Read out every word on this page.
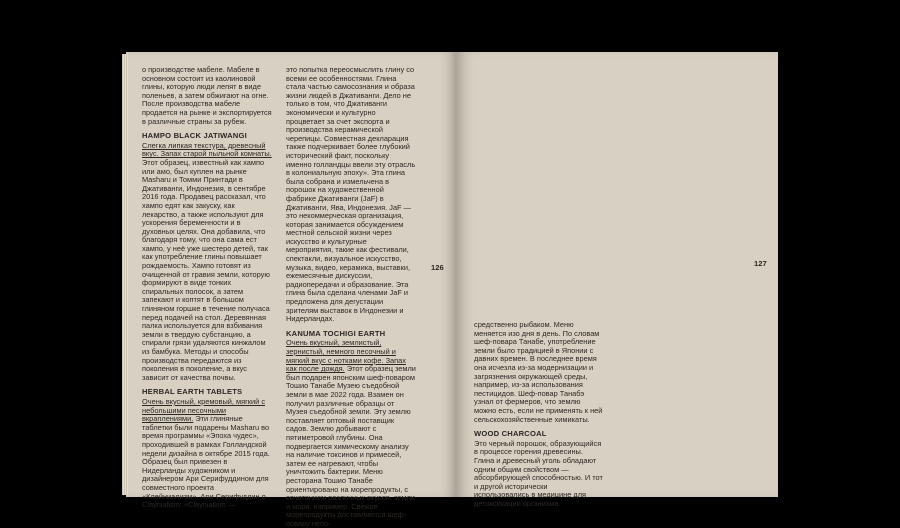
о производстве мабеле. Мабеле в основном состоит из каолиновой глины, которую люди лепят в виде поленьев, а затем обжигают на огне. После производства мабеле продается на рынке и экспортируется в различные страны за рубеж.

HAMPO BLACK JATIWANGI

Слегка липкая текстура, древесный вкус. Запах старой пыльной комнаты. Этот образец, известный как хампо или амо, был куплен на рынке Masharu и Томми Принтади в Джативанги, Индонезия, в сентябре 2016 года. Продавец рассказал, что хампо едят как закуску, как лекарство, а также используют для ускорения беременности и в духовных целях. Она добавила, что благодаря тому, что она сама ест хампо, у неё уже шестеро детей, так как употребление глины повышает рождаемость. Хампо готовят из очищенной от гравия земли, которую формируют в виде тонких спиральных полосок, а затем запекают и коптят в большом глиняном горшке в течение получаса перед подачей на стол. Деревянная палка используется для взбивания земли в твердую субстанцию, а спирали грязи удаляются кинжалом из бамбука. Методы и способы производства передаются из поколения в поколение, а вкус зависит от качества почвы.

HERBAL EARTH TABLETS

Очень вкусный, кремовый, мягкий с небольшими песочными вкраплениями. Эти глиняные таблетки были подарены Masharu во время программы «Эпоха чудес», проходившей в рамках Голландской недели дизайна в октябре 2015 года. Образец был привезен в Нидерланды художником и дизайнером Ари Серифуддином для совместного проекта «Клейниализм». Ари Серифуддин о Clayniаlism: «Clayniаlism —

это попытка переосмыслить глину со всеми ее особенностями. Глина стала частью самосознания и образа жизни людей в Джативанги. Дело не только в том, что Джативанги экономически и культурно процветает за счет экспорта и производства керамической черепицы. Совместная декларация также подчеркивает более глубокий исторический факт, поскольку именно голландцы ввели эту отрасль в колониальную эпоху». Эта глина была собрана и измельчена в порошок на художественной фабрике Джативанги (JaF) в Джативанги, Ява, Индонезия. JaF — это некоммерческая организация, которая занимается обсуждением местной сельской жизни через искусство и культурные мероприятия, такие как фестивали, спектакли, визуальное искусство, музыка, видео, керамика, выставки, ежемесячные дискуссии, радиопередачи и образование. Эта глина была сделана членами JaF и предложена для дегустации зрителям выставок в Индонезии и Нидерландах.

KANUMA TOCHIGI EARTH

Очень вкусный, землистый, зернистый, немного песочный и мягкий вкус с нотками кофе. Запах как после дождя. Этот образец земли был подарен японским шеф-поваром Тошио Танабе Музею съедобной земли в мае 2022 года. Взамен он получил различные образцы от Музея съедобной земли. Эту землю поставляет оптовый поставщик садов. Землю добывают с пятиметровой глубины. Она подвергается химическому анализу на наличие токсинов и примесей, затем ее нагревают, чтобы уничтожить бактерии. Меню ресторана Тошио Танабе ориентировано на морепродукты, с сочетанием различных вкусов, земли и моря, например. Свежие морепродукты доставляются шеф-повару непо-

126	127

средственно рыбаком. Меню меняется изо дня в день. По словам шеф-повара Танабе, употребление земли было традицией в Японии с давних времен. В последнее время она исчезла из-за модернизации и загрязнения окружающей среды, например, из-за использования пестицидов. Шеф-повар Танабэ узнал от фермеров, что землю можно есть, если не применять к ней сельскохозяйственные химикаты.

WOOD CHARCOAL

Это черный порошок, образующийся в процессе горения древесины. Глина и древесный уголь обладают одним общим свойством — абсорбирующей способностью. И тот и другой исторически использовались в медицине для детоксикации организма.
